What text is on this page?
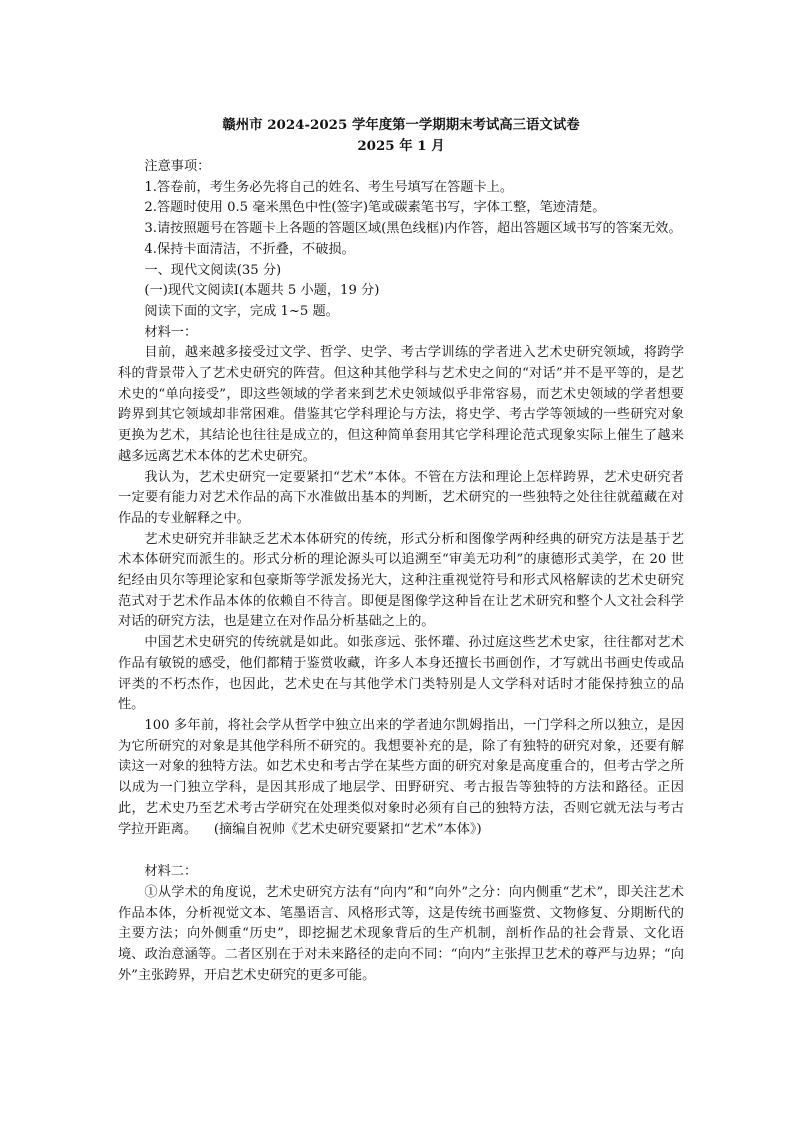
赣州市 2024-2025 学年度第一学期期末考试高三语文试卷
2025 年 1 月

注意事项：

1.答卷前，考生务必先将自己的姓名、考生号填写在答题卡上。

2.答题时使用 0.5 毫米黑色中性(签字)笔或碳素笔书写，字体工整，笔迹清楚。

3.请按照题号在答题卡上各题的答题区域(黑色线框)内作答，超出答题区域书写的答案无效。

4.保持卡面清洁，不折叠，不破损。

一、现代文阅读(35 分)

(一)现代文阅读Ⅰ(本题共 5 小题，19 分)

阅读下面的文字，完成 1~5 题。

材料一：

目前，越来越多接受过文学、哲学、史学、考古学训练的学者进入艺术史研究领域，将跨学科的背景带入了艺术史研究的阵营。但这种其他学科与艺术史之间的“对话”并不是平等的，是艺术史的“单向接受”，即这些领域的学者来到艺术史领域似乎非常容易，而艺术史领域的学者想要跨界到其它领域却非常困难。借鉴其它学科理论与方法，将史学、考古学等领域的一些研究对象更换为艺术，其结论也往往是成立的，但这种简单套用其它学科理论范式现象实际上催生了越来越多远离艺术本体的艺术史研究。

我认为，艺术史研究一定要紧扣“艺术”本体。不管在方法和理论上怎样跨界，艺术史研究者一定要有能力对艺术作品的高下水准做出基本的判断，艺术研究的一些独特之处往往就蕴藏在对作品的专业解释之中。

艺术史研究并非缺乏艺术本体研究的传统，形式分析和图像学两种经典的研究方法是基于艺术本体研究而派生的。形式分析的理论源头可以追溯至“审美无功利”的康德形式美学，在 20 世纪经由贝尔等理论家和包豪斯等学派发扬光大，这种注重视觉符号和形式风格解读的艺术史研究范式对于艺术作品本体的依赖自不待言。即便是图像学这种旨在让艺术研究和整个人文社会科学对话的研究方法，也是建立在对作品分析基础之上的。

中国艺术史研究的传统就是如此。如张彦远、张怀瓘、孙过庭这些艺术史家，往往都对艺术作品有敏锐的感受，他们都精于鉴赏收藏，许多人本身还擅长书画创作，才写就出书画史传或品评类的不朽杰作，也因此，艺术史在与其他学术门类特别是人文学科对话时才能保持独立的品性。

100 多年前，将社会学从哲学中独立出来的学者迪尔凯姆指出，一门学科之所以独立，是因为它所研究的对象是其他学科所不研究的。我想要补充的是，除了有独特的研究对象，还要有解读这一对象的独特方法。如艺术史和考古学在某些方面的研究对象是高度重合的，但考古学之所以成为一门独立学科，是因其形成了地层学、田野研究、考古报告等独特的方法和路径。正因此，艺术史乃至艺术考古学研究在处理类似对象时必须有自己的独特方法，否则它就无法与考古学拉开距离。 (摘编自祝帅《艺术史研究要紧扣“艺术”本体》)

材料二：

①从学术的角度说，艺术史研究方法有“向内”和“向外”之分：向内侧重“艺术”，即关注艺术作品本体，分析视觉文本、笔墨语言、风格形式等，这是传统书画鉴赏、文物修复、分期断代的主要方法；向外侧重“历史”，即挖掘艺术现象背后的生产机制，剖析作品的社会背景、文化语境、政治意涵等。二者区别在于对未来路径的走向不同：“向内”主张捍卫艺术的尊严与边界；“向外”主张跨界，开启艺术史研究的更多可能。
